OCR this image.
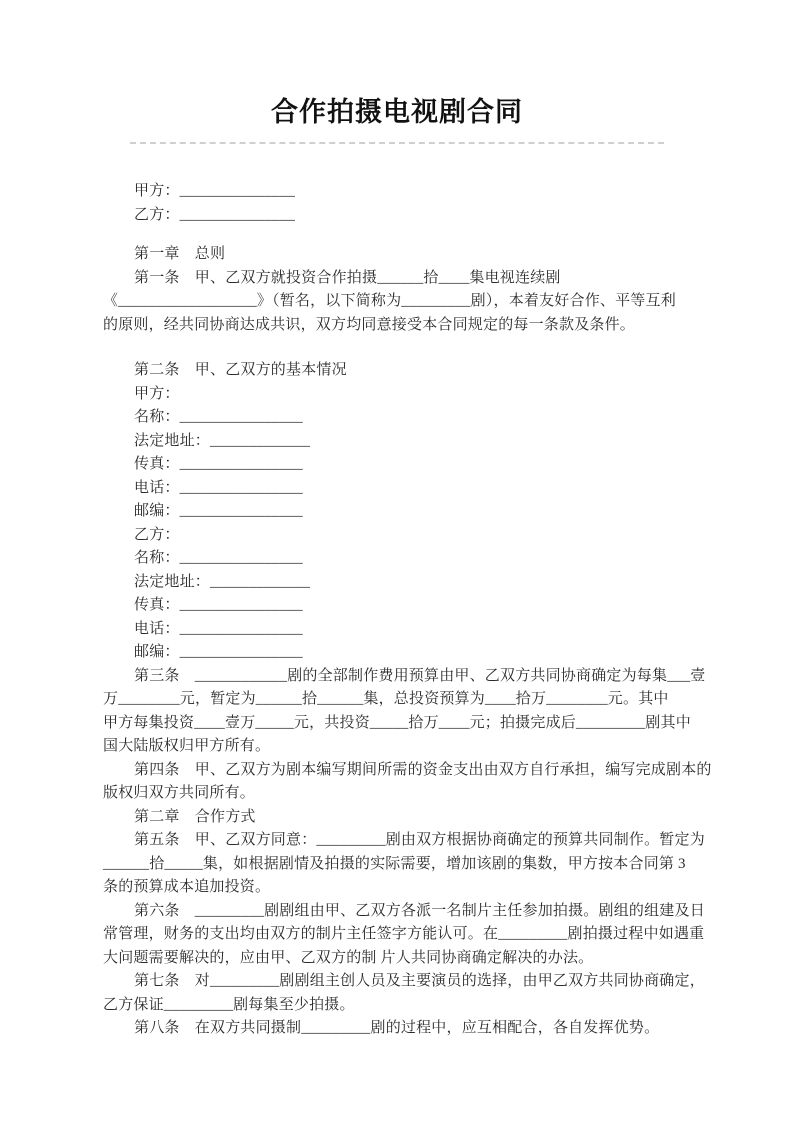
合作拍摄电视剧合同
甲方：_______________
乙方：_______________
第一章　总则
第一条　甲、乙双方就投资合作拍摄______拾____集电视连续剧
《__________________》（暂名，以下简称为_________剧），本着友好合作、平等互利
的原则，经共同协商达成共识，双方均同意接受本合同规定的每一条款及条件。
第二条　甲、乙双方的基本情况
甲方：
名称：________________
法定地址：_____________
传真：________________
电话：________________
邮编：________________
乙方：
名称：________________
法定地址：_____________
传真：________________
电话：________________
邮编：________________
第三条　____________剧的全部制作费用预算由甲、乙双方共同协商确定为每集___壹
万________元，暂定为______拾______集，总投资预算为____拾万________元。其中
甲方每集投资____壹万_____元，共投资_____拾万____元；拍摄完成后_________剧其中
国大陆版权归甲方所有。
第四条　甲、乙双方为剧本编写期间所需的资金支出由双方自行承担，编写完成剧本的
版权归双方共同所有。
第二章　合作方式
第五条　甲、乙双方同意：_________剧由双方根据协商确定的预算共同制作。暂定为
______拾_____集，如根据剧情及拍摄的实际需要，增加该剧的集数，甲方按本合同第 3
条的预算成本追加投资。
第六条　_________剧剧组由甲、乙双方各派一名制片主任参加拍摄。剧组的组建及日
常管理，财务的支出均由双方的制片主任签字方能认可。在_________剧拍摄过程中如遇重
大问题需要解决的，应由甲、乙双方的制 片人共同协商确定解决的办法。
第七条　对_________剧剧组主创人员及主要演员的选择，由甲乙双方共同协商确定，
乙方保证_________剧每集至少拍摄。
第八条　在双方共同摄制_________剧的过程中，应互相配合，各自发挥优势。
